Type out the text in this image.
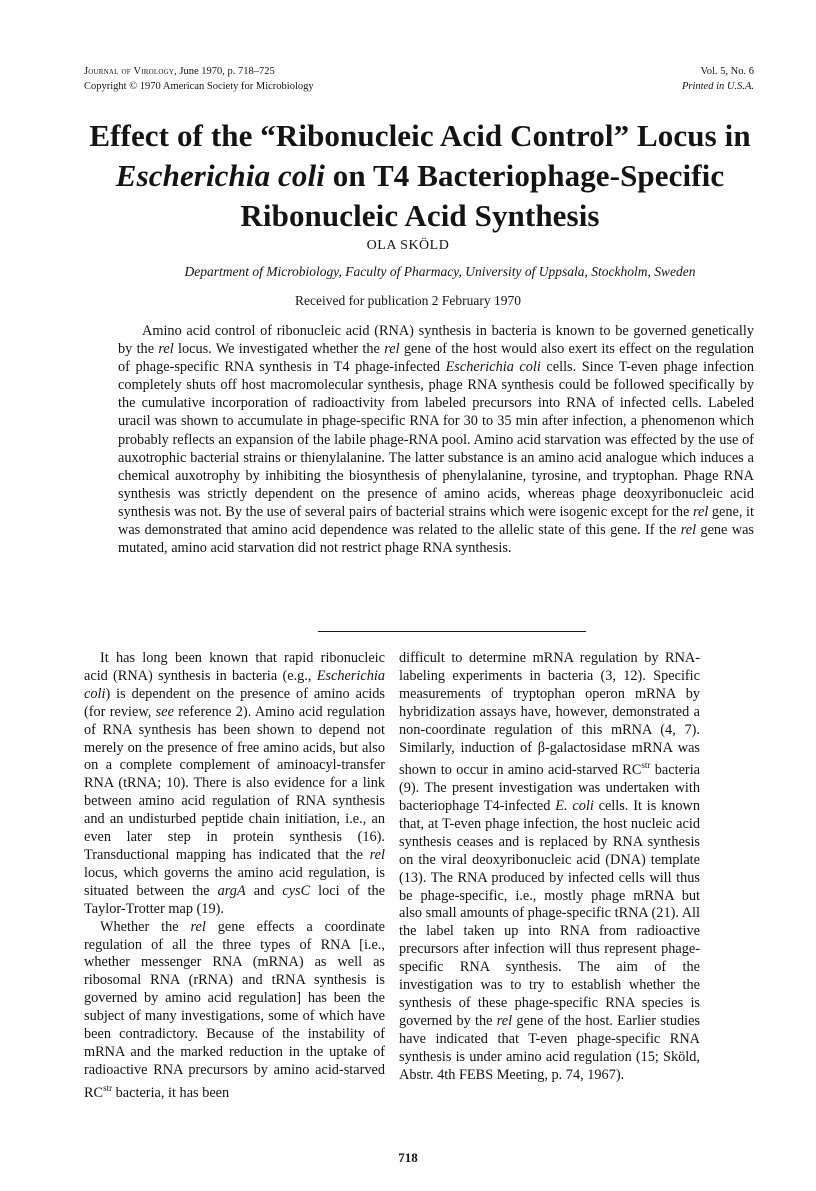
Journal of Virology, June 1970, p. 718–725
Copyright © 1970 American Society for Microbiology
Vol. 5, No. 6
Printed in U.S.A.
Effect of the “Ribonucleic Acid Control” Locus in
Escherichia coli on T4 Bacteriophage-Specific
Ribonucleic Acid Synthesis
OLA SKÖLD
Department of Microbiology, Faculty of Pharmacy, University of Uppsala, Stockholm, Sweden
Received for publication 2 February 1970
Amino acid control of ribonucleic acid (RNA) synthesis in bacteria is known to be governed genetically by the rel locus. We investigated whether the rel gene of the host would also exert its effect on the regulation of phage-specific RNA synthesis in T4 phage-infected Escherichia coli cells. Since T-even phage infection completely shuts off host macromolecular synthesis, phage RNA synthesis could be followed specifically by the cumulative incorporation of radioactivity from labeled precursors into RNA of infected cells. Labeled uracil was shown to accumulate in phage-specific RNA for 30 to 35 min after infection, a phenomenon which probably reflects an expansion of the labile phage-RNA pool. Amino acid starvation was effected by the use of auxotrophic bacterial strains or thienylalanine. The latter substance is an amino acid analogue which induces a chemical auxotrophy by inhibiting the biosynthesis of phenylalanine, tyrosine, and tryptophan. Phage RNA synthesis was strictly dependent on the presence of amino acids, whereas phage deoxyribonucleic acid synthesis was not. By the use of several pairs of bacterial strains which were isogenic except for the rel gene, it was demonstrated that amino acid dependence was related to the allelic state of this gene. If the rel gene was mutated, amino acid starvation did not restrict phage RNA synthesis.

It has long been known that rapid ribonucleic acid (RNA) synthesis in bacteria (e.g., Escherichia coli) is dependent on the presence of amino acids (for review, see reference 2). Amino acid regulation of RNA synthesis has been shown to depend not merely on the presence of free amino acids, but also on a complete complement of aminoacyl-transfer RNA (tRNA; 10). There is also evidence for a link between amino acid regulation of RNA synthesis and an undisturbed peptide chain initiation, i.e., an even later step in protein synthesis (16). Transductional mapping has indicated that the rel locus, which governs the amino acid regulation, is situated between the argA and cysC loci of the Taylor-Trotter map (19).

Whether the rel gene effects a coordinate regulation of all the three types of RNA [i.e., whether messenger RNA (mRNA) as well as ribosomal RNA (rRNA) and tRNA synthesis is governed by amino acid regulation] has been the subject of many investigations, some of which have been contradictory. Because of the instability of mRNA and the marked reduction in the uptake of radioactive RNA precursors by amino acid-starved $RC^{str}$ bacteria, it has been

difficult to determine mRNA regulation by RNA-labeling experiments in bacteria (3, 12). Specific measurements of tryptophan operon mRNA by hybridization assays have, however, demonstrated a non-coordinate regulation of this mRNA (4, 7). Similarly, induction of β-galactosidase mRNA was shown to occur in amino acid-starved $RC^{str}$ bacteria (9). The present investigation was undertaken with bacteriophage T4-infected E. coli cells. It is known that, at T-even phage infection, the host nucleic acid synthesis ceases and is replaced by RNA synthesis on the viral deoxyribonucleic acid (DNA) template (13). The RNA produced by infected cells will thus be phage-specific, i.e., mostly phage mRNA but also small amounts of phage-specific tRNA (21). All the label taken up into RNA from radioactive precursors after infection will thus represent phage-specific RNA synthesis. The aim of the investigation was to try to establish whether the synthesis of these phage-specific RNA species is governed by the rel gene of the host. Earlier studies have indicated that T-even phage-specific RNA synthesis is under amino acid regulation (15; Sköld, Abstr. 4th FEBS Meeting, p. 74, 1967).

718
